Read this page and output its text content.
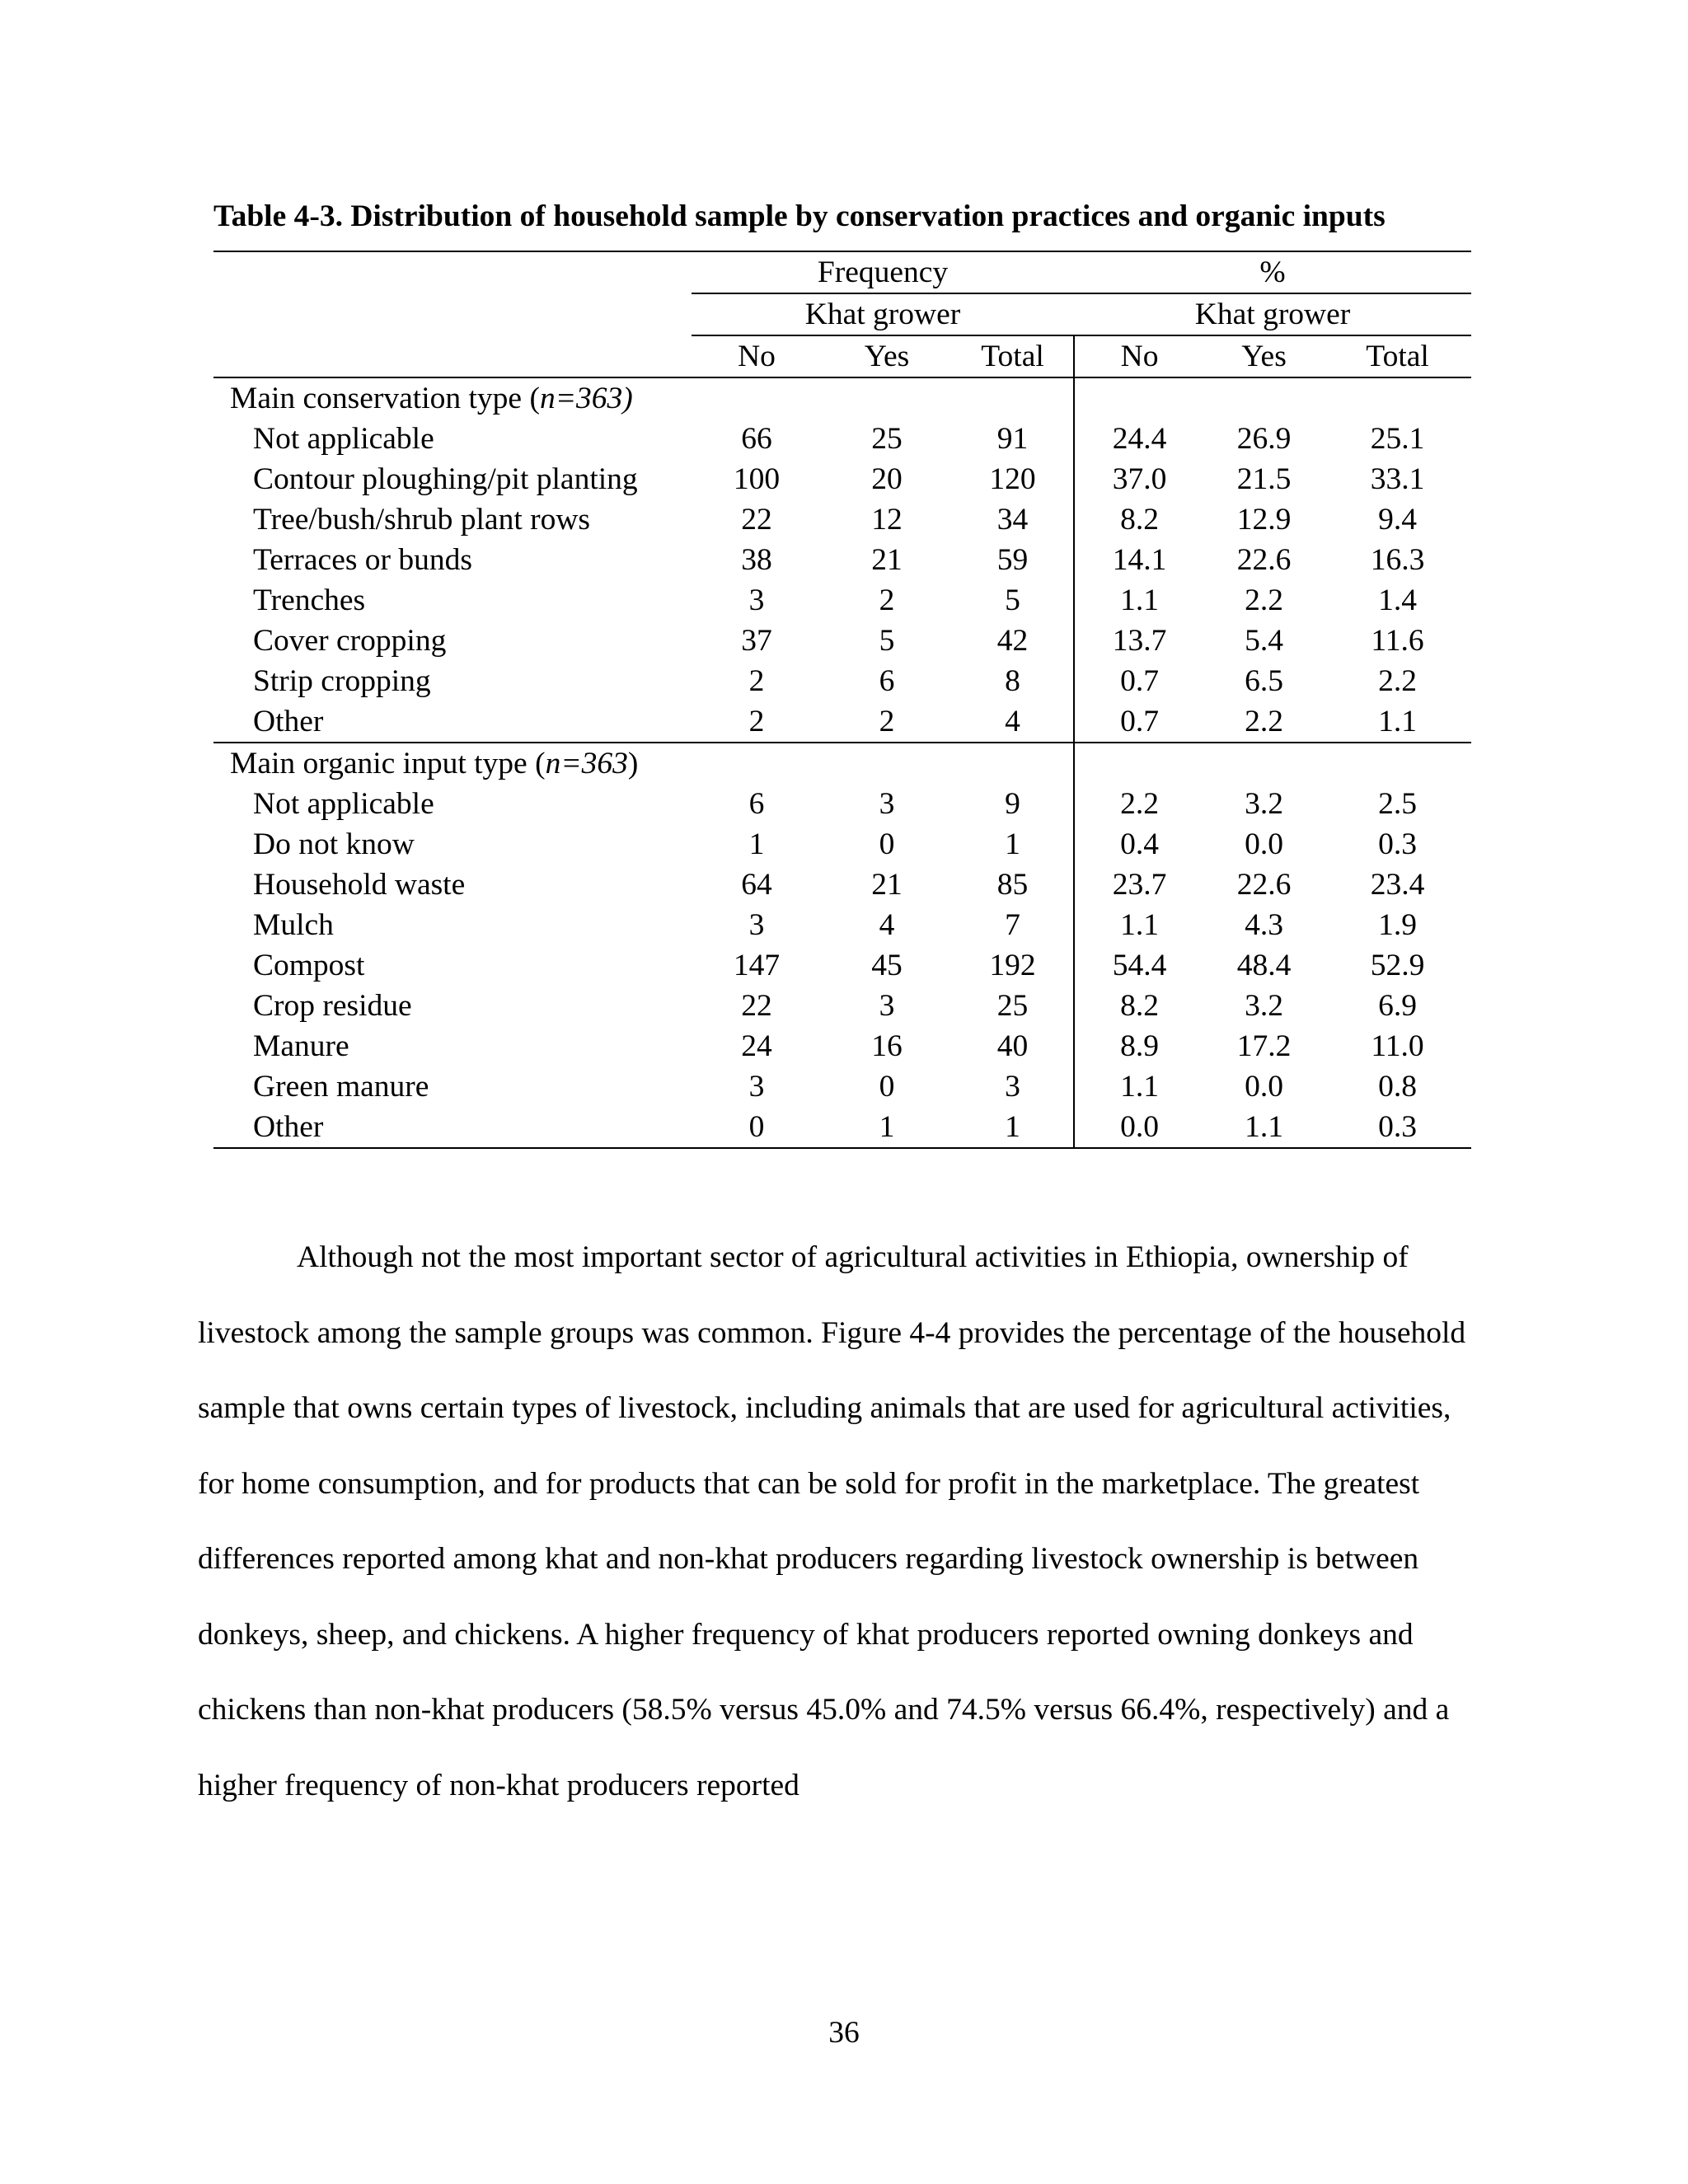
Table 4-3. Distribution of household sample by conservation practices and organic inputs
	Frequency			%		
	Khat grower			Khat grower		
	No	Yes	Total	No	Yes	Total
Main conservation type (n=363)						
Not applicable	66	25	91	24.4	26.9	25.1
Contour ploughing/pit planting	100	20	120	37.0	21.5	33.1
Tree/bush/shrub plant rows	22	12	34	8.2	12.9	9.4
Terraces or bunds	38	21	59	14.1	22.6	16.3
Trenches	3	2	5	1.1	2.2	1.4
Cover cropping	37	5	42	13.7	5.4	11.6
Strip cropping	2	6	8	0.7	6.5	2.2
Other	2	2	4	0.7	2.2	1.1
Main organic input type (n=363)						
Not applicable	6	3	9	2.2	3.2	2.5
Do not know	1	0	1	0.4	0.0	0.3
Household waste	64	21	85	23.7	22.6	23.4
Mulch	3	4	7	1.1	4.3	1.9
Compost	147	45	192	54.4	48.4	52.9
Crop residue	22	3	25	8.2	3.2	6.9
Manure	24	16	40	8.9	17.2	11.0
Green manure	3	0	3	1.1	0.0	0.8
Other	0	1	1	0.0	1.1	0.3

Although not the most important sector of agricultural activities in Ethiopia, ownership of livestock among the sample groups was common. Figure 4-4 provides the percentage of the household sample that owns certain types of livestock, including animals that are used for agricultural activities, for home consumption, and for products that can be sold for profit in the marketplace. The greatest differences reported among khat and non-khat producers regarding livestock ownership is between donkeys, sheep, and chickens. A higher frequency of khat producers reported owning donkeys and chickens than non-khat producers (58.5% versus 45.0% and 74.5% versus 66.4%, respectively) and a higher frequency of non-khat producers reported

36
